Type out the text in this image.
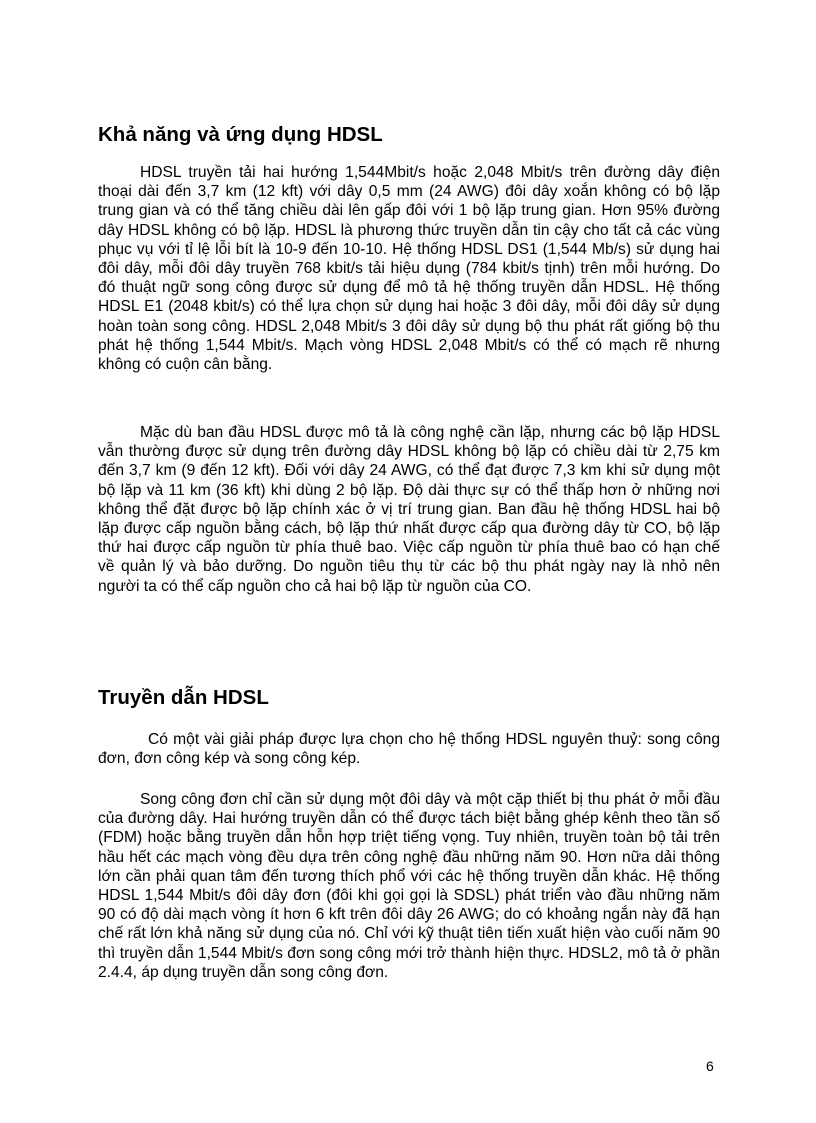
Khả năng và ứng dụng HDSL

HDSL truyền tải hai hướng 1,544Mbit/s hoặc 2,048 Mbit/s trên đường dây điện thoại dài đến 3,7 km (12 kft) với dây 0,5 mm (24 AWG) đôi dây xoắn không có bộ lặp trung gian và có thể tăng chiều dài lên gấp đôi với 1 bộ lặp trung gian. Hơn 95% đường dây HDSL không có bộ lặp. HDSL là phương thức truyền dẫn tin cậy cho tất cả các vùng phục vụ với tỉ lệ lỗi bít là 10-9 đến 10-10. Hệ thống HDSL DS1 (1,544 Mb/s) sử dụng hai đôi dây, mỗi đôi dây truyền 768 kbit/s tải hiệu dụng (784 kbit/s tịnh) trên mỗi hướng. Do đó thuật ngữ song công được sử dụng để mô tả hệ thống truyền dẫn HDSL. Hệ thống HDSL E1 (2048 kbit/s) có thể lựa chọn sử dụng hai hoặc 3 đôi dây, mỗi đôi dây sử dụng hoàn toàn song công. HDSL 2,048 Mbit/s 3 đôi dây sử dụng bộ thu phát rất giống bộ thu phát hệ thống 1,544 Mbit/s. Mạch vòng HDSL 2,048 Mbit/s có thể có mạch rẽ nhưng không có cuộn cân bằng.

Mặc dù ban đầu HDSL được mô tả là công nghệ cần lặp, nhưng các bộ lặp HDSL vẫn thường được sử dụng trên đường dây HDSL không bộ lặp có chiều dài từ 2,75 km đến 3,7 km (9 đến 12 kft). Đối với dây 24 AWG, có thể đạt được 7,3 km khi sử dụng một bộ lặp và 11 km (36 kft) khi dùng 2 bộ lặp. Độ dài thực sự có thể thấp hơn ở những nơi không thể đặt được bộ lặp chính xác ở vị trí trung gian. Ban đầu hệ thống HDSL hai bộ lặp được cấp nguồn bằng cách, bộ lặp thứ nhất được cấp qua đường dây từ CO, bộ lặp thứ hai được cấp nguồn từ phía thuê bao. Việc cấp nguồn từ phía thuê bao có hạn chế về quản lý và bảo dưỡng. Do nguồn tiêu thụ từ các bộ thu phát ngày nay là nhỏ nên người ta có thể cấp nguồn cho cả hai bộ lặp từ nguồn của CO.

Truyền dẫn HDSL

Có một vài giải pháp được lựa chọn cho hệ thống HDSL nguyên thuỷ: song công đơn, đơn công kép và song công kép.

Song công đơn chỉ cần sử dụng một đôi dây và một cặp thiết bị thu phát ở mỗi đầu của đường dây. Hai hướng truyền dẫn có thể được tách biệt bằng ghép kênh theo tần số (FDM) hoặc bằng truyền dẫn hỗn hợp triệt tiếng vọng. Tuy nhiên, truyền toàn bộ tải trên hầu hết các mạch vòng đều dựa trên công nghệ đầu những năm 90. Hơn nữa dải thông lớn cần phải quan tâm đến tương thích phổ với các hệ thống truyền dẫn khác. Hệ thống HDSL 1,544 Mbit/s đôi dây đơn (đôi khi gọi gọi là SDSL) phát triển vào đầu những năm 90 có độ dài mạch vòng ít hơn 6 kft trên đôi dây 26 AWG; do có khoảng ngắn này đã hạn chế rất lớn khả năng sử dụng của nó. Chỉ với kỹ thuật tiên tiến xuất hiện vào cuối năm 90 thì truyền dẫn 1,544 Mbit/s đơn song công mới trở thành hiện thực. HDSL2, mô tả ở phần 2.4.4, áp dụng truyền dẫn song công đơn.

6
